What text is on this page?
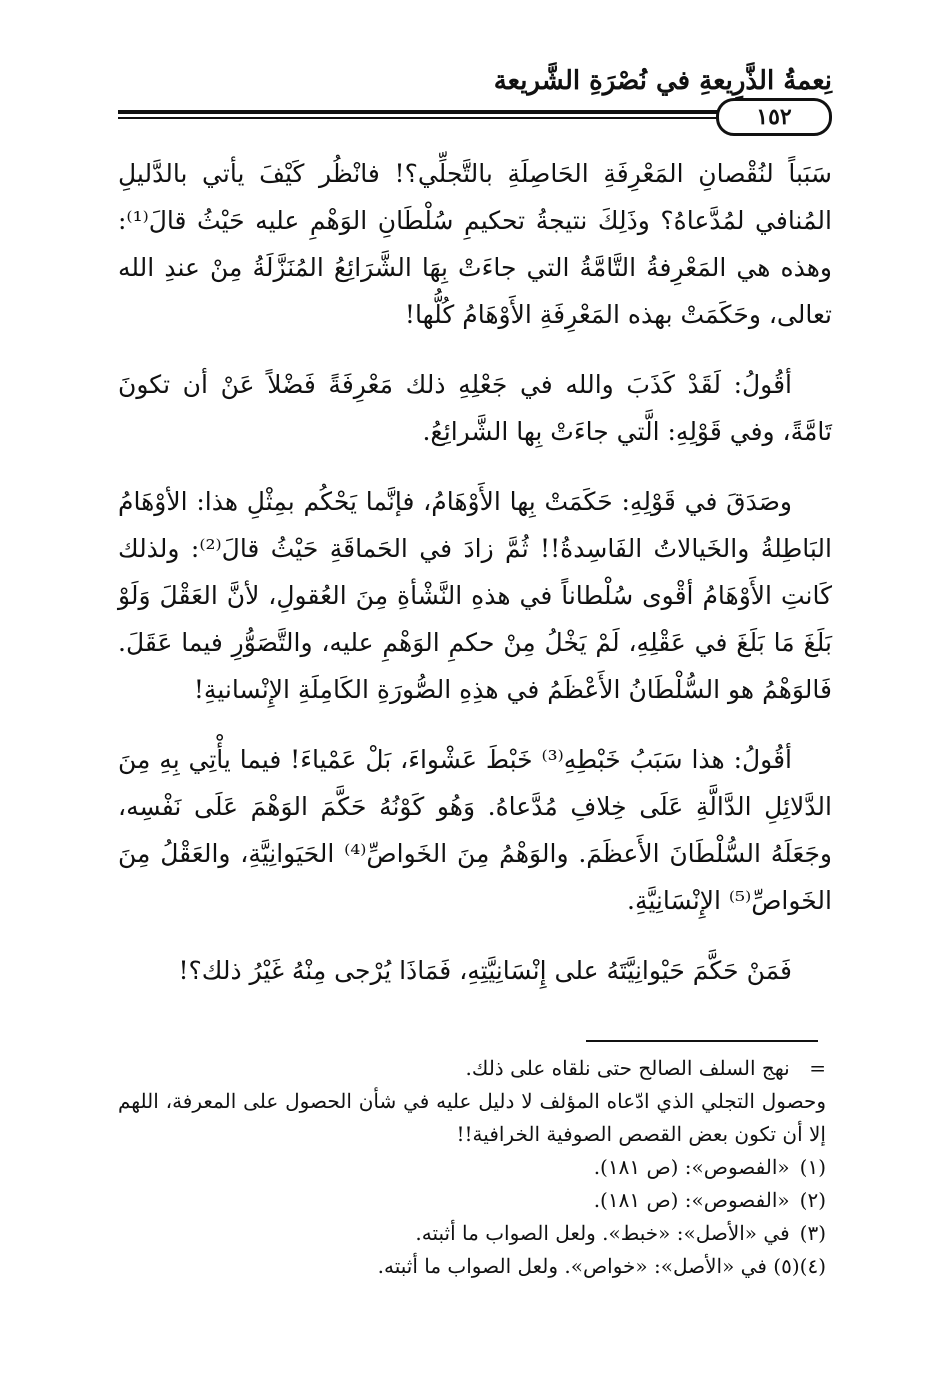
نِعمةُ الذَّرِيعةِ في نُصْرَةِ الشَّريعة
١٥٢

سَبَباً لنُقْصانِ المَعْرِفَةِ الحَاصِلَةِ بالتَّجلِّي؟! فانْظُر كَيْفَ يأتي بالدَّليلِ المُنافي لمُدَّعاهُ؟ وذَلِكَ نتيجةُ تحكيمِ سُلْطَانِ الوَهْمِ عليه حَيْثُ قالَ⁽¹⁾: وهذه هي المَعْرِفةُ التَّامَّةُ التي جاءَتْ بِهَا الشَّرَائِعُ المُنَزَّلَةُ مِنْ عندِ الله تعالى، وحَكَمَتْ بهذه المَعْرِفَةِ الأَوْهَامُ كُلُّها!

أقُولُ: لَقَدْ كَذَبَ والله في جَعْلِهِ ذلك مَعْرِفَةً فَضْلاً عَنْ أن تكونَ تَامَّةً، وفي قَوْلِهِ: الَّتي جاءَتْ بِها الشَّرائِعُ.

وصَدَقَ في قَوْلِهِ: حَكَمَتْ بِها الأَوْهَامُ، فإنَّما يَحْكُم بمِثْلِ هذا: الأوْهَامُ البَاطِلةُ والخَيالاتُ الفَاسِدةُ!! ثُمَّ زادَ في الحَماقَةِ حَيْثُ قالَ⁽²⁾: ولذلك كَانتِ الأَوْهَامُ أقْوى سُلْطاناً في هذهِ النَّشْأةِ مِنَ العُقولِ، لأنَّ العَقْلَ وَلَوْ بَلَغَ مَا بَلَغَ في عَقْلِهِ، لَمْ يَخْلُ مِنْ حكمِ الوَهْمِ عليه، والتَّصَوُّرِ فيما عَقَلَ. فَالوَهْمُ هو السُّلْطَانُ الأَعْظَمُ في هذِهِ الصُّورَةِ الكَامِلَةِ الإِنْسانيةِ!

أقُولُ: هذا سَبَبُ خَبْطِهِ⁽³⁾ خَبْطَ عَشْواءَ، بَلْ عَمْياءَ! فيما يأْتِي بِهِ مِنَ الدَّلائِلِ الدَّالَّةِ عَلَى خِلافِ مُدَّعاهُ. وَهُو كَوْنُهُ حَكَّمَ الوَهْمَ عَلَى نَفْسِه، وجَعَلَهُ السُّلْطَانَ الأَعظَمَ. والوَهْمُ مِنَ الخَواصِّ⁽⁴⁾ الحَيَوانِيَّةِ، والعَقْلُ مِنَ الخَواصِّ⁽⁵⁾ الإِنْسَانِيَّةِ.

فَمَنْ حَكَّمَ حَيْوانِيَّتَهُ على إِنْسَانِيَّتِهِ، فَمَاذَا يُرْجى مِنْهُ غَيْرُ ذلك؟!

= نهج السلف الصالح حتى نلقاه على ذلك.

وحصول التجلي الذي ادّعاه المؤلف لا دليل عليه في شأن الحصول على المعرفة، اللهم إلا أن تكون بعض القصص الصوفية الخرافية!!

(١) «الفصوص»: (ص ١٨١).

(٢) «الفصوص»: (ص ١٨١).

(٣) في «الأصل»: «خبط». ولعل الصواب ما أثبته.

(٤)(٥) في «الأصل»: «خواص». ولعل الصواب ما أثبته.
